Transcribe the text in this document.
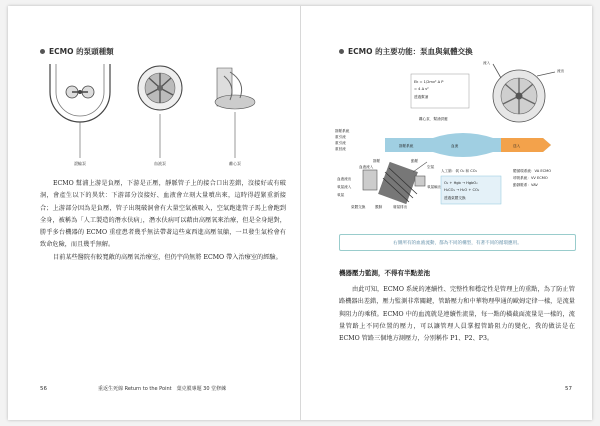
ECMO 的泵頭種類
滾輪泵	血液泵	離心泵

ECMO 幫浦上游是負壓，下游是正壓，靜脈管子上的接合口出差錯，沒接好或有破洞，會產生以下的異狀：下游部分沒接好、血液會立刻大量噴出來，這時得趕緊重新接合；上游部分因為是負壓，管子出現破洞會有大量空氣被吸入，空氣跑進管子馬上會跑到全身，被稱為「人工製造的潛水伕病」，潛水伕病可以藉由高壓氧來治療，但是全身絕對，勝乎多台機器的 ECMO 重症患者幾乎無法帶著這些東西進高壓氧艙，一旦發生氣栓會有致命危險，而且幾乎無解。

目前某些醫院有較寬敞的高壓氧治療室，但仍宇尚無將 ECMO 帶入治療室的經驗。

56	重返生死線 Return to the Point　葉克膜專題 30 堂修練
ECMO 的主要功能：泵血與氣體交換
Ek = 1/2mv² Δ P
= 4 Δ v²
透過幫浦
離心泵．幫浦供應
流入
流出
靜脈系統	血流	送入
靜脈系統
重引流
重引流
重回流
靜脈	動脈
血液流入	空氣
血液流出
氧氣流入
氧氣
氧氣輸出
氣體交換	膜肺	廢氣排出
人工肺：氧 O₂ 和 CO₂
O₂ + Hgb → HgbO₂
H₂CO₃ → H₂O + CO₂
透過氣體交換
體循環系統：VA ECMO
呼吸系統：VV ECMO
動靜脈系：VAV
右側所有的血液流動，都為不同的構型，有著不同的循環應用。
機器壓力監測，不得有半點差池

由此可知，ECMO 系統的連續性、完整性和穩定性是管理上的重點，為了防止管路機器出差錯，壓力監測非常關鍵，管路壓力和中華物理學通的歐姆定律一樣，是流量與阻力的乘積。ECMO 中的血流就是連續性流量，每一點的橫截面流量是一樣的，流量管路上不同位置的壓力，可以讓管理人員掌握管路阻力的變化，我的做法是在 ECMO 管路三個地方測壓力，分別稱作 P1、P2、P3。

57
